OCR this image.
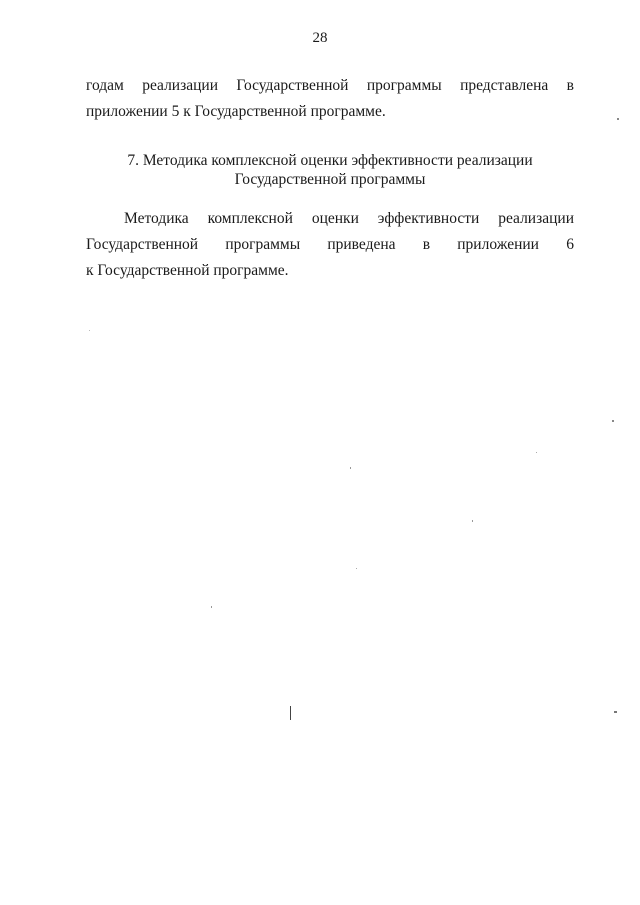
28
годам реализации Государственной программы представлена в
приложении 5 к Государственной программе.
7. Методика комплексной оценки эффективности реализации
Государственной программы
Методика комплексной оценки эффективности реализации
Государственной программы приведена в приложении 6
к Государственной программе.
